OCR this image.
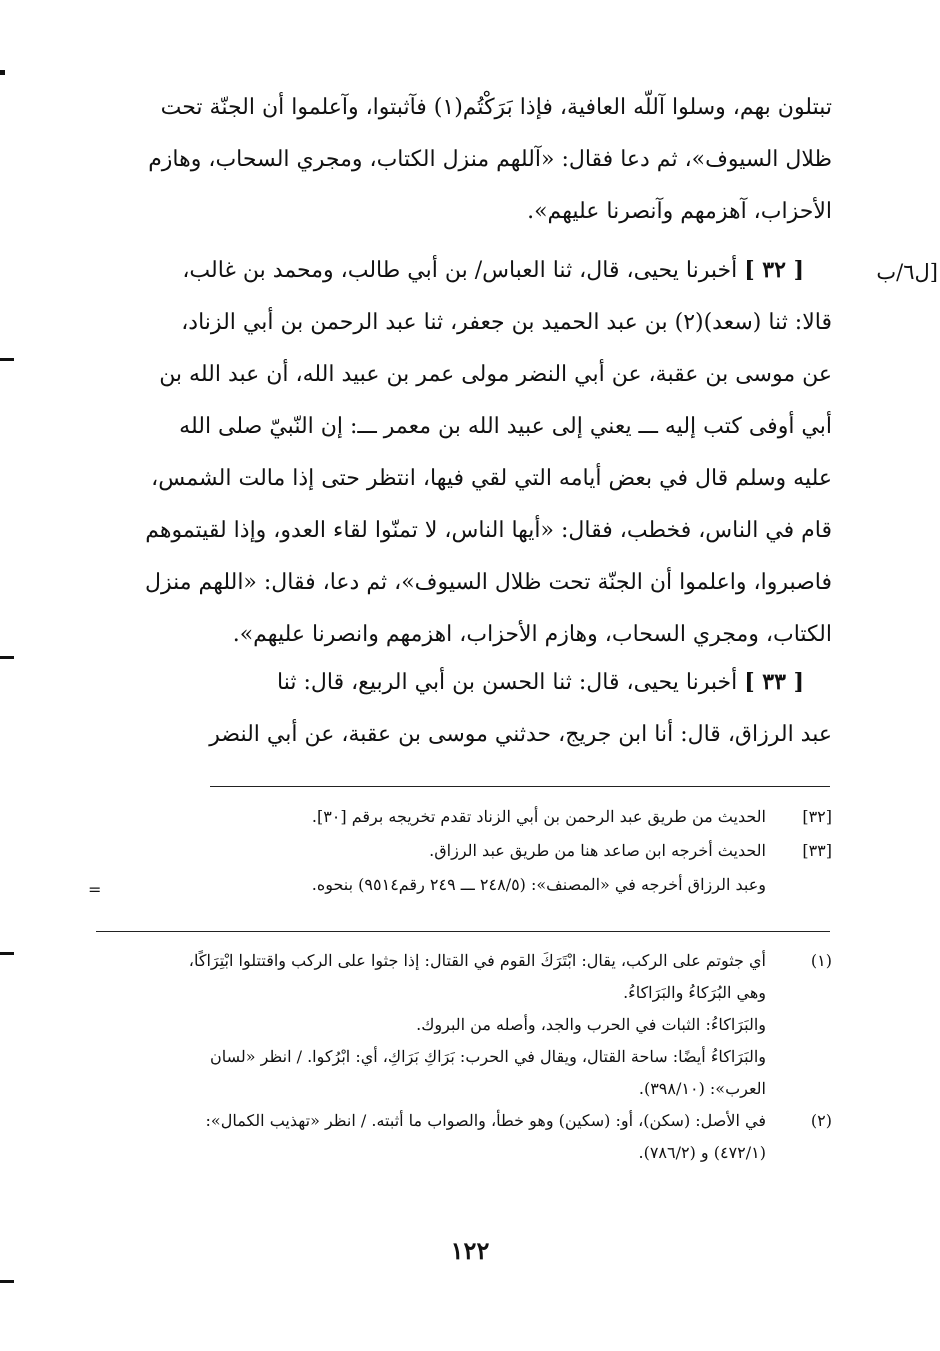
تبتلون بهم، وسلوا آللّه العافية، فإذا بَرَكْتُم(١) فآثبتوا، وآعلموا أن الجنّة تحت

ظلال السيوف»، ثم دعا فقال: «آللهم منزل الكتاب، ومجري السحاب، وهازم

الأحزاب، آهزمهم وآنصرنا عليهم».

[ ٣٢ ] أخبرنا يحيى، قال، ثنا العباس/ بن أبي طالب، ومحمد بن غالب،

قالا: ثنا (سعد)(٢) بن عبد الحميد بن جعفر، ثنا عبد الرحمن بن أبي الزناد،

عن موسى بن عقبة، عن أبي النضر مولى عمر بن عبيد الله، أن عبد الله بن

أبي أوفى كتب إليه ـــ يعني إلى عبيد الله بن معمر ـــ: إن النّبيّ صلى الله

عليه وسلم قال في بعض أيامه التي لقي فيها، انتظر حتى إذا مالت الشمس،

قام في الناس، فخطب، فقال: «أيها الناس، لا تمنّوا لقاء العدو، وإذا لقيتموهم

فاصبروا، واعلموا أن الجنّة تحت ظلال السيوف»، ثم دعا، فقال: «اللهم منزل

الكتاب، ومجري السحاب، وهازم الأحزاب، اهزمهم وانصرنا عليهم».

[ل٦/ب

[ ٣٣ ] أخبرنا يحيى، قال: ثنا الحسن بن أبي الربيع، قال: ثنا

عبد الرزاق، قال: أنا ابن جريج، حدثني موسى بن عقبة، عن أبي النضر

[٣٢]
الحديث من طريق عبد الرحمن بن أبي الزناد تقدم تخريجه برقم [٣٠].
[٣٣]
الحديث أخرجه ابن صاعد هنا من طريق عبد الرزاق.
وعبد الرزاق أخرجه في «المصنف»: (٢٤٨/٥ ـــ ٢٤٩ رقم٩٥١٤) بنحوه.
=
(١)
أي جثوتم على الركب، يقال: ابْتَرَكَ القوم في القتال: إذا جثوا على الركب واقتتلوا ابْتِرَاكًا،
وهي البُرَكاءُ والبَرَاكاءُ.
والبَرَاكاءُ: الثبات في الحرب والجد، وأصله من البروك.
والبَرَاكاءُ أيضًا: ساحة القتال، ويقال في الحرب: بَرَاكِ بَرَاكِ، أي: ابْرُكوا. / انظر «لسان
العرب»: (٣٩٨/١٠).
(٢)
في الأصل: (سكن)، أو: (سكين) وهو خطأ، والصواب ما أثبته. / انظر «تهذيب الكمال»:
(٤٧٢/١) و (٧٨٦/٢).
١٢٢
